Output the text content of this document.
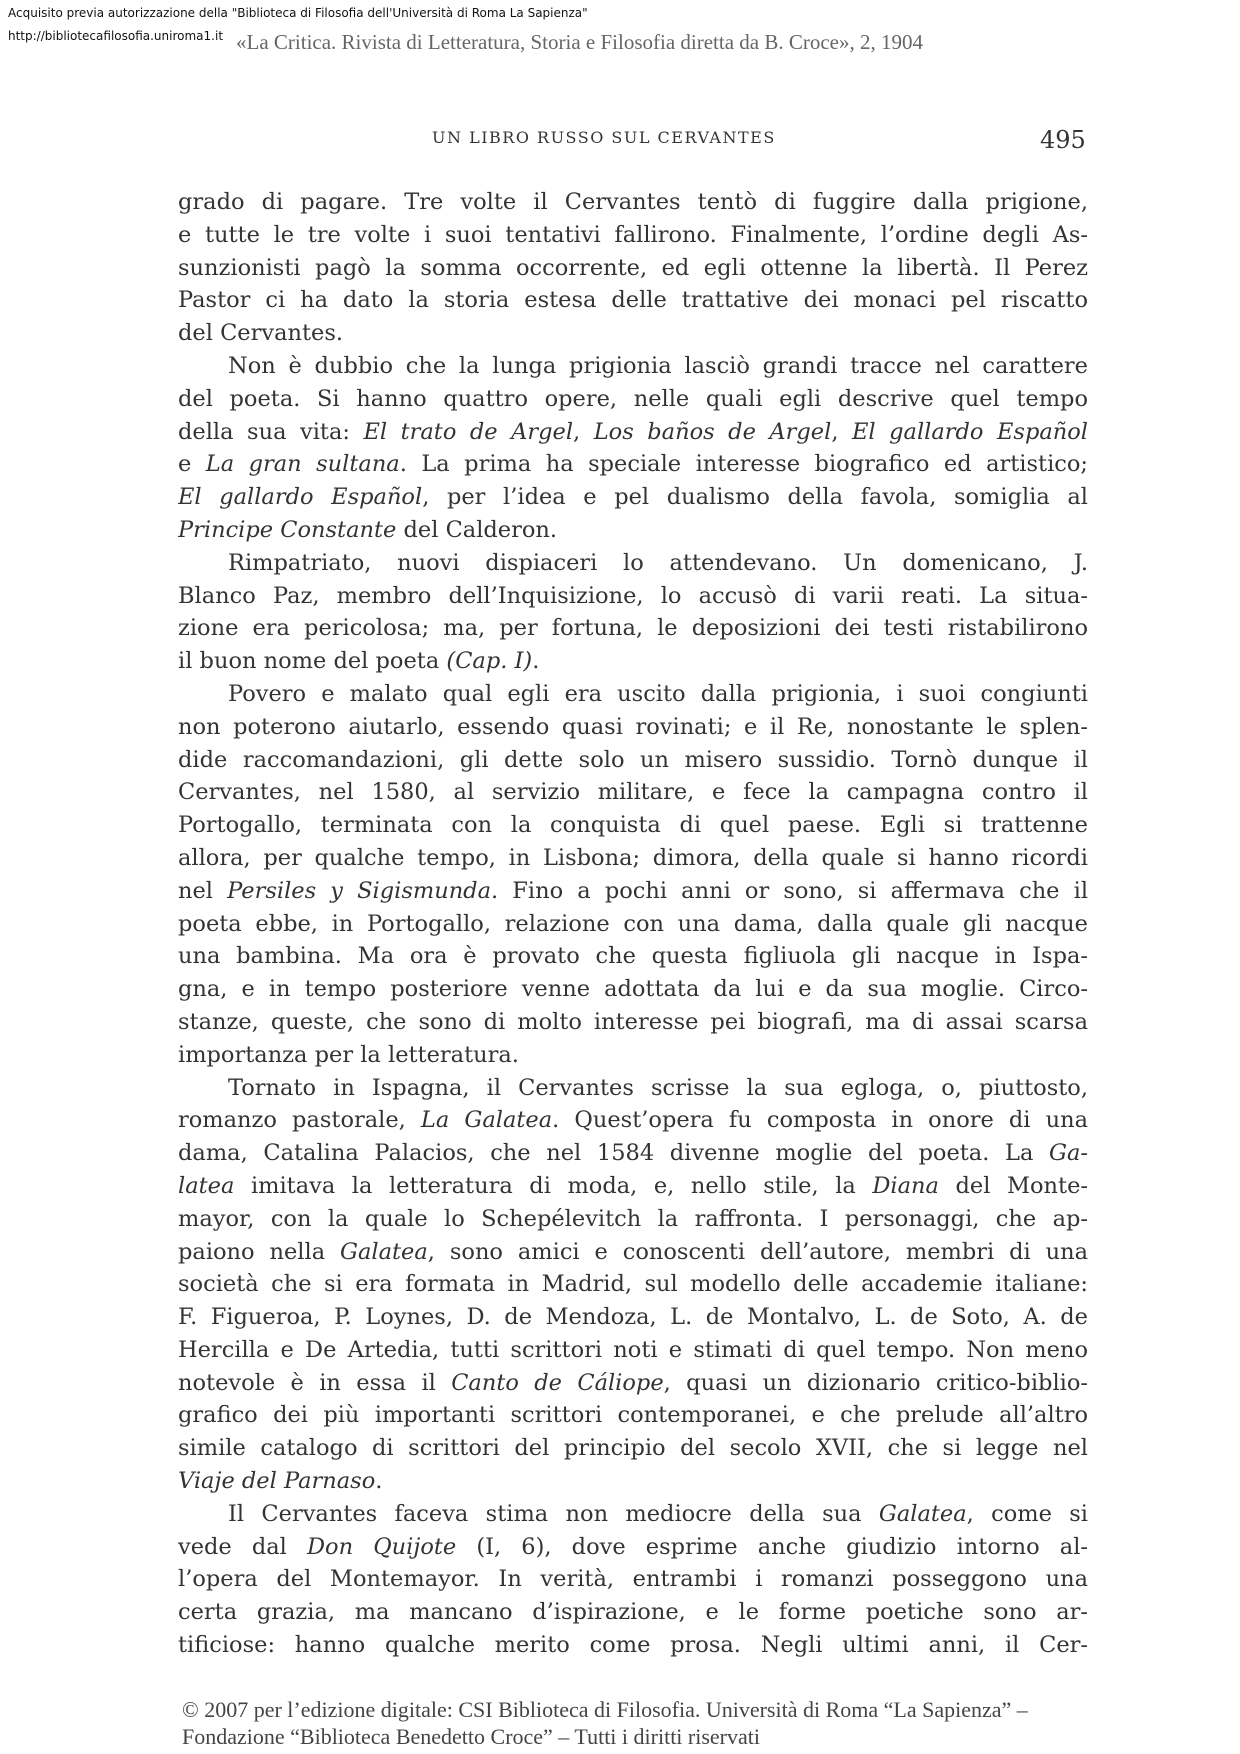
Acquisito previa autorizzazione della "Biblioteca di Filosofia dell'Università di Roma La Sapienza"
http://bibliotecafilosofia.uniroma1.it «La Critica. Rivista di Letteratura, Storia e Filosofia diretta da B. Croce», 2, 1904
UN LIBRO RUSSO SUL CERVANTES	495
grado di pagare. Tre volte il Cervantes tentò di fuggire dalla prigione,
e tutte le tre volte i suoi tentativi fallirono. Finalmente, l’ordine degli As-
sunzionisti pagò la somma occorrente, ed egli ottenne la libertà. Il Perez
Pastor ci ha dato la storia estesa delle trattative dei monaci pel riscatto
del Cervantes.
Non è dubbio che la lunga prigionia lasciò grandi tracce nel carattere
del poeta. Si hanno quattro opere, nelle quali egli descrive quel tempo
della sua vita: El trato de Argel, Los baños de Argel, El gallardo Español
e La gran sultana. La prima ha speciale interesse biografico ed artistico;
El gallardo Español, per l’idea e pel dualismo della favola, somiglia al
Principe Constante del Calderon.
Rimpatriato, nuovi dispiaceri lo attendevano. Un domenicano, J.
Blanco Paz, membro dell’Inquisizione, lo accusò di varii reati. La situa-
zione era pericolosa; ma, per fortuna, le deposizioni dei testi ristabilirono
il buon nome del poeta (Cap. I).
Povero e malato qual egli era uscito dalla prigionia, i suoi congiunti
non poterono aiutarlo, essendo quasi rovinati; e il Re, nonostante le splen-
dide raccomandazioni, gli dette solo un misero sussidio. Tornò dunque il
Cervantes, nel 1580, al servizio militare, e fece la campagna contro il
Portogallo, terminata con la conquista di quel paese. Egli si trattenne
allora, per qualche tempo, in Lisbona; dimora, della quale si hanno ricordi
nel Persiles y Sigismunda. Fino a pochi anni or sono, si affermava che il
poeta ebbe, in Portogallo, relazione con una dama, dalla quale gli nacque
una bambina. Ma ora è provato che questa figliuola gli nacque in Ispa-
gna, e in tempo posteriore venne adottata da lui e da sua moglie. Circo-
stanze, queste, che sono di molto interesse pei biografi, ma di assai scarsa
importanza per la letteratura.
Tornato in Ispagna, il Cervantes scrisse la sua egloga, o, piuttosto,
romanzo pastorale, La Galatea. Quest’opera fu composta in onore di una
dama, Catalina Palacios, che nel 1584 divenne moglie del poeta. La Ga-
latea imitava la letteratura di moda, e, nello stile, la Diana del Monte-
mayor, con la quale lo Schepélevitch la raffronta. I personaggi, che ap-
paiono nella Galatea, sono amici e conoscenti dell’autore, membri di una
società che si era formata in Madrid, sul modello delle accademie italiane:
F. Figueroa, P. Loynes, D. de Mendoza, L. de Montalvo, L. de Soto, A. de
Hercilla e De Artedia, tutti scrittori noti e stimati di quel tempo. Non meno
notevole è in essa il Canto de Cáliope, quasi un dizionario critico-biblio-
grafico dei più importanti scrittori contemporanei, e che prelude all’altro
simile catalogo di scrittori del principio del secolo XVII, che si legge nel
Viaje del Parnaso.
Il Cervantes faceva stima non mediocre della sua Galatea, come si
vede dal Don Quijote (I, 6), dove esprime anche giudizio intorno al-
l’opera del Montemayor. In verità, entrambi i romanzi posseggono una
certa grazia, ma mancano d’ispirazione, e le forme poetiche sono ar-
tificiose: hanno qualche merito come prosa. Negli ultimi anni, il Cer-
© 2007 per l’edizione digitale: CSI Biblioteca di Filosofia. Università di Roma “La Sapienza” –
Fondazione “Biblioteca Benedetto Croce” – Tutti i diritti riservati
